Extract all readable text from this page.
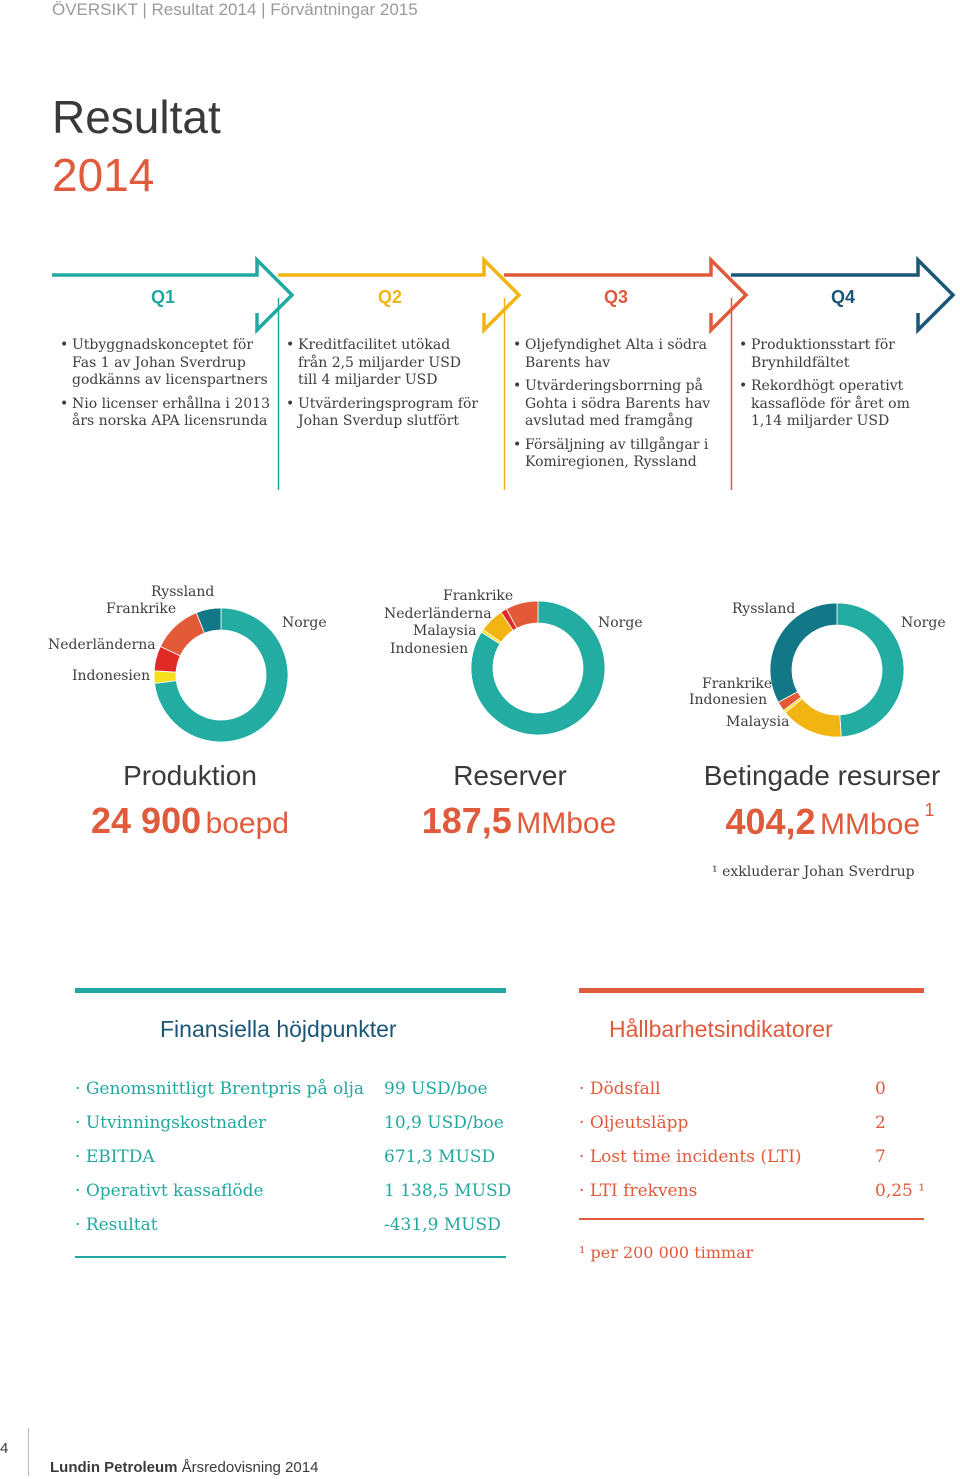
ÖVERSIKT | Resultat 2014 | Förväntningar 2015
Resultat
2014
Q1	Q2	Q3	Q4
• Utbyggnadskonceptet för Fas 1 av Johan Sverdrup godkänns av licenspartners
• Nio licenser erhållna i 2013 års norska APA licensrunda
• Kreditfacilitet utökad från 2,5 miljarder USD till 4 miljarder USD
• Utvärderingsprogram för Johan Sverdup slutfört
• Oljefyndighet Alta i södra Barents hav
• Utvärderingsborrning på Gohta i södra Barents hav avslutad med framgång
• Försäljning av tillgångar i Komiregionen, Ryssland
• Produktionsstart för Brynhildfältet
• Rekordhögt operativt kassaflöde för året om 1,14 miljarder USD
Ryssland
Frankrike
Nederländerna
Indonesien
Norge
Frankrike
Nederländerna
Malaysia
Indonesien
Norge
Ryssland
Frankrike
Indonesien
Malaysia
Norge
Produktion
24 900 boepd
Reserver
187,5 MMboe
Betingade resurser
404,2 MMboe $^1$
¹ exkluderar Johan Sverdrup
Finansiella höjdpunkter
· Genomsnittligt Brentpris på olja 99 USD/boe
· Utvinningskostnader	10,9 USD/boe
· EBITDA	671,3 MUSD
· Operativt kassaflöde	1 138,5 MUSD
· Resultat	-431,9 MUSD
Hållbarhetsindikatorer
· Dödsfall	0
· Oljeutsläpp	2
· Lost time incidents (LTI)	7
· LTI frekvens	0,25 ¹
¹ per 200 000 timmar
4
Lundin Petroleum Årsredovisning 2014
